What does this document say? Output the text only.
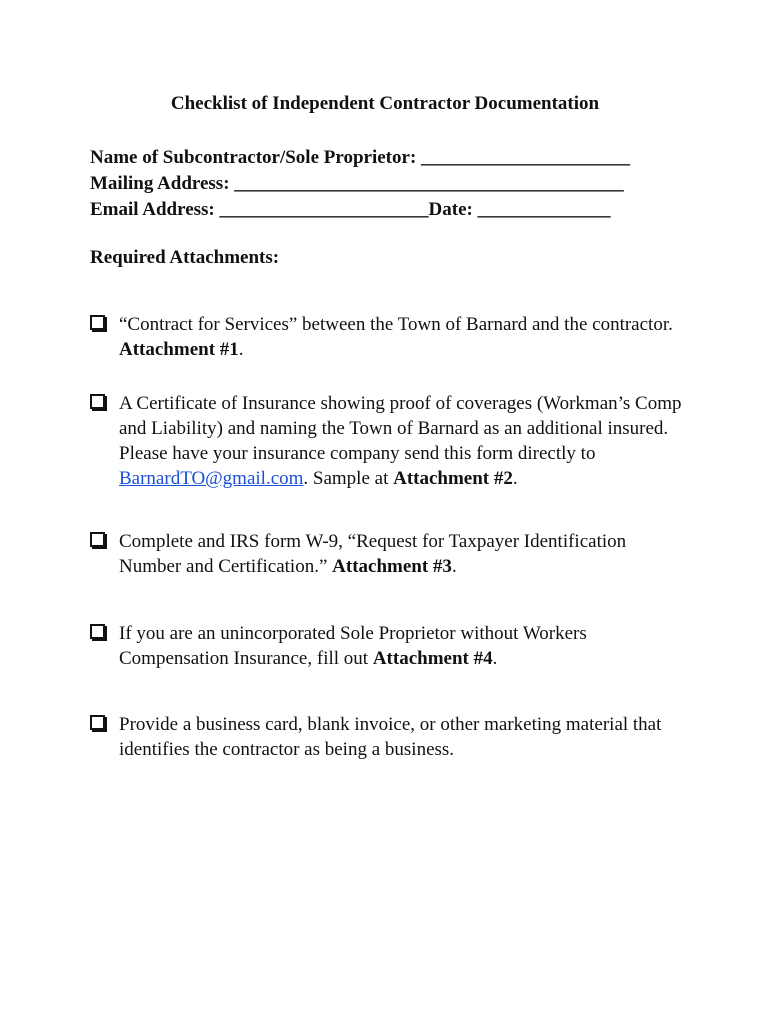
Checklist of Independent Contractor Documentation
Name of Subcontractor/Sole Proprietor: ______________________
Mailing Address: _________________________________________
Email Address: ______________________Date: ______________
Required Attachments:
“Contract for Services” between the Town of Barnard and the contractor. Attachment #1.
A Certificate of Insurance showing proof of coverages (Workman’s Comp and Liability) and naming the Town of Barnard as an additional insured. Please have your insurance company send this form directly to BarnardTO@gmail.com. Sample at Attachment #2.
Complete and IRS form W-9, “Request for Taxpayer Identification Number and Certification.” Attachment #3.
If you are an unincorporated Sole Proprietor without Workers Compensation Insurance, fill out Attachment #4.
Provide a business card, blank invoice, or other marketing material that identifies the contractor as being a business.
